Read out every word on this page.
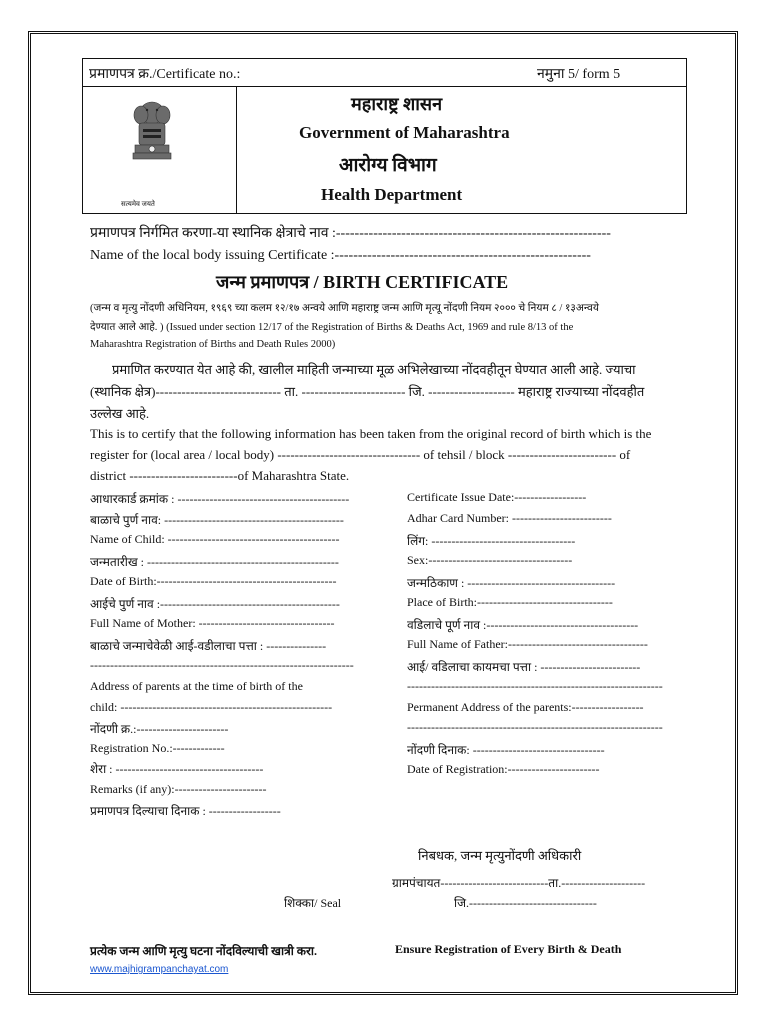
प्रमाणपत्र क्र./Certificate no.:	नमुना 5/ form 5
सत्यमेव जयते
महाराष्ट्र शासन
Government of Maharashtra
आरोग्य विभाग
Health Department
प्रमाणपत्र निर्गमित करणा-या स्थानिक क्षेत्राचे नाव :-----------------------------------------------------------
Name of the local body issuing Certificate :-------------------------------------------------------
जन्म प्रमाणपत्र / BIRTH CERTIFICATE
(जन्म व मृत्यु नोंदणी अधिनियम, १९६९ च्या कलम १२/१७ अन्वये आणि महाराष्ट्र जन्म आणि मृत्यू नोंदणी नियम २००० चे नियम ८ / १३अन्वये
देण्यात आले आहे. ) (Issued under section 12/17 of the Registration of Births & Deaths Act, 1969 and rule 8/13 of the
Maharashtra Registration of Births and Death Rules 2000)
प्रमाणित करण्यात येत आहे की, खालील माहिती जन्माच्या मूळ अभिलेखाच्या नोंदवहीतून घेण्यात आली आहे. ज्याचा
(स्थानिक क्षेत्र)----------------------------- ता. ------------------------ जि. -------------------- महाराष्ट्र राज्याच्या नोंदवहीत
उल्लेख आहे.
This is to certify that the following information has been taken from the original record of birth which is the
register for (local area / local body) --------------------------------- of tehsil / block ------------------------- of
district -------------------------of Maharashtra State.
आधारकार्ड क्रमांक : -------------------------------------------
बाळाचे पुर्ण नाव: ---------------------------------------------
Name of Child: -------------------------------------------
जन्मतारीख : ------------------------------------------------
Date of Birth:---------------------------------------------
आईचे पुर्ण नाव :---------------------------------------------
Full Name of Mother: ----------------------------------
बाळाचे जन्माचेवेळी आई-वडीलाचा पत्ता : ---------------
------------------------------------------------------------------
Address of parents at the time of birth of the
child: -----------------------------------------------------
नोंदणी क्र.:-----------------------
Registration No.:-------------
शेरा : -------------------------------------
Remarks (if any):-----------------------
प्रमाणपत्र दिल्याचा दिनाक : ------------------
Certificate Issue Date:------------------
Adhar Card Number: -------------------------
लिंग: ------------------------------------
Sex:------------------------------------
जन्मठिकाण : -------------------------------------
Place of Birth:----------------------------------
वडिलाचे पूर्ण नाव :--------------------------------------
Full Name of Father:-----------------------------------
आई/ वडिलाचा कायमचा पत्ता : -------------------------
----------------------------------------------------------------
Permanent Address of the parents:------------------
----------------------------------------------------------------
नोंदणी दिनाक: ---------------------------------
Date of Registration:-----------------------
निबधक, जन्म मृत्युनोंदणी अधिकारी
ग्रामपंचायत---------------------------ता.---------------------
शिक्का/ Seal	जि.--------------------------------
प्रत्येक जन्म आणि मृत्यु घटना नोंदविल्याची खात्री करा.	Ensure Registration of Every Birth & Death
www.majhigrampanchayat.com
